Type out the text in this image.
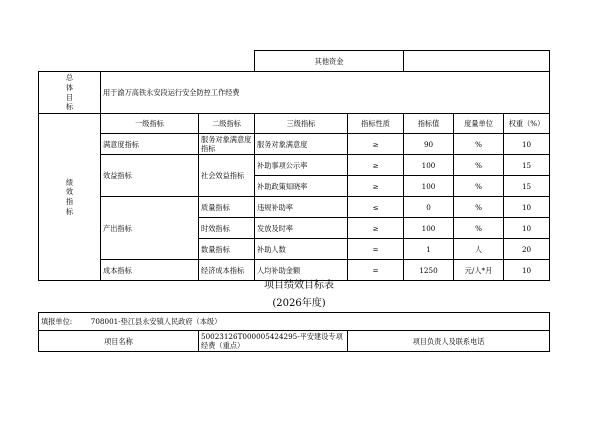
			其他资金				
总
体
目
标	用于渝万高铁永安段运行安全防控工作经费						
绩
效
指
标	一级指标	二级指标	三级指标	指标性质	指标值	度量单位	权重（%）
	满意度指标	服务对象满意度指标	服务对象满意度	≥	90	%	10
	效益指标	社会效益指标	补助事项公示率	≥	100	%	15
			补助政策知晓率	≥	100	%	15
	产出指标	质量指标	违规补助率	≤	0	%	10
		时效指标	发放及时率	≥	100	%	10
		数量指标	补助人数	=	1	人	20
	成本指标	经济成本指标	人均补助金额	=	1250	元/人*月	10
项目绩效目标表
(2026年度)
填报单位:	708001-垫江县永安镇人民政府（本级）
项目名称	50023126T000005424295-平安建设专项经费（重点）	项目负责人及联系电话
